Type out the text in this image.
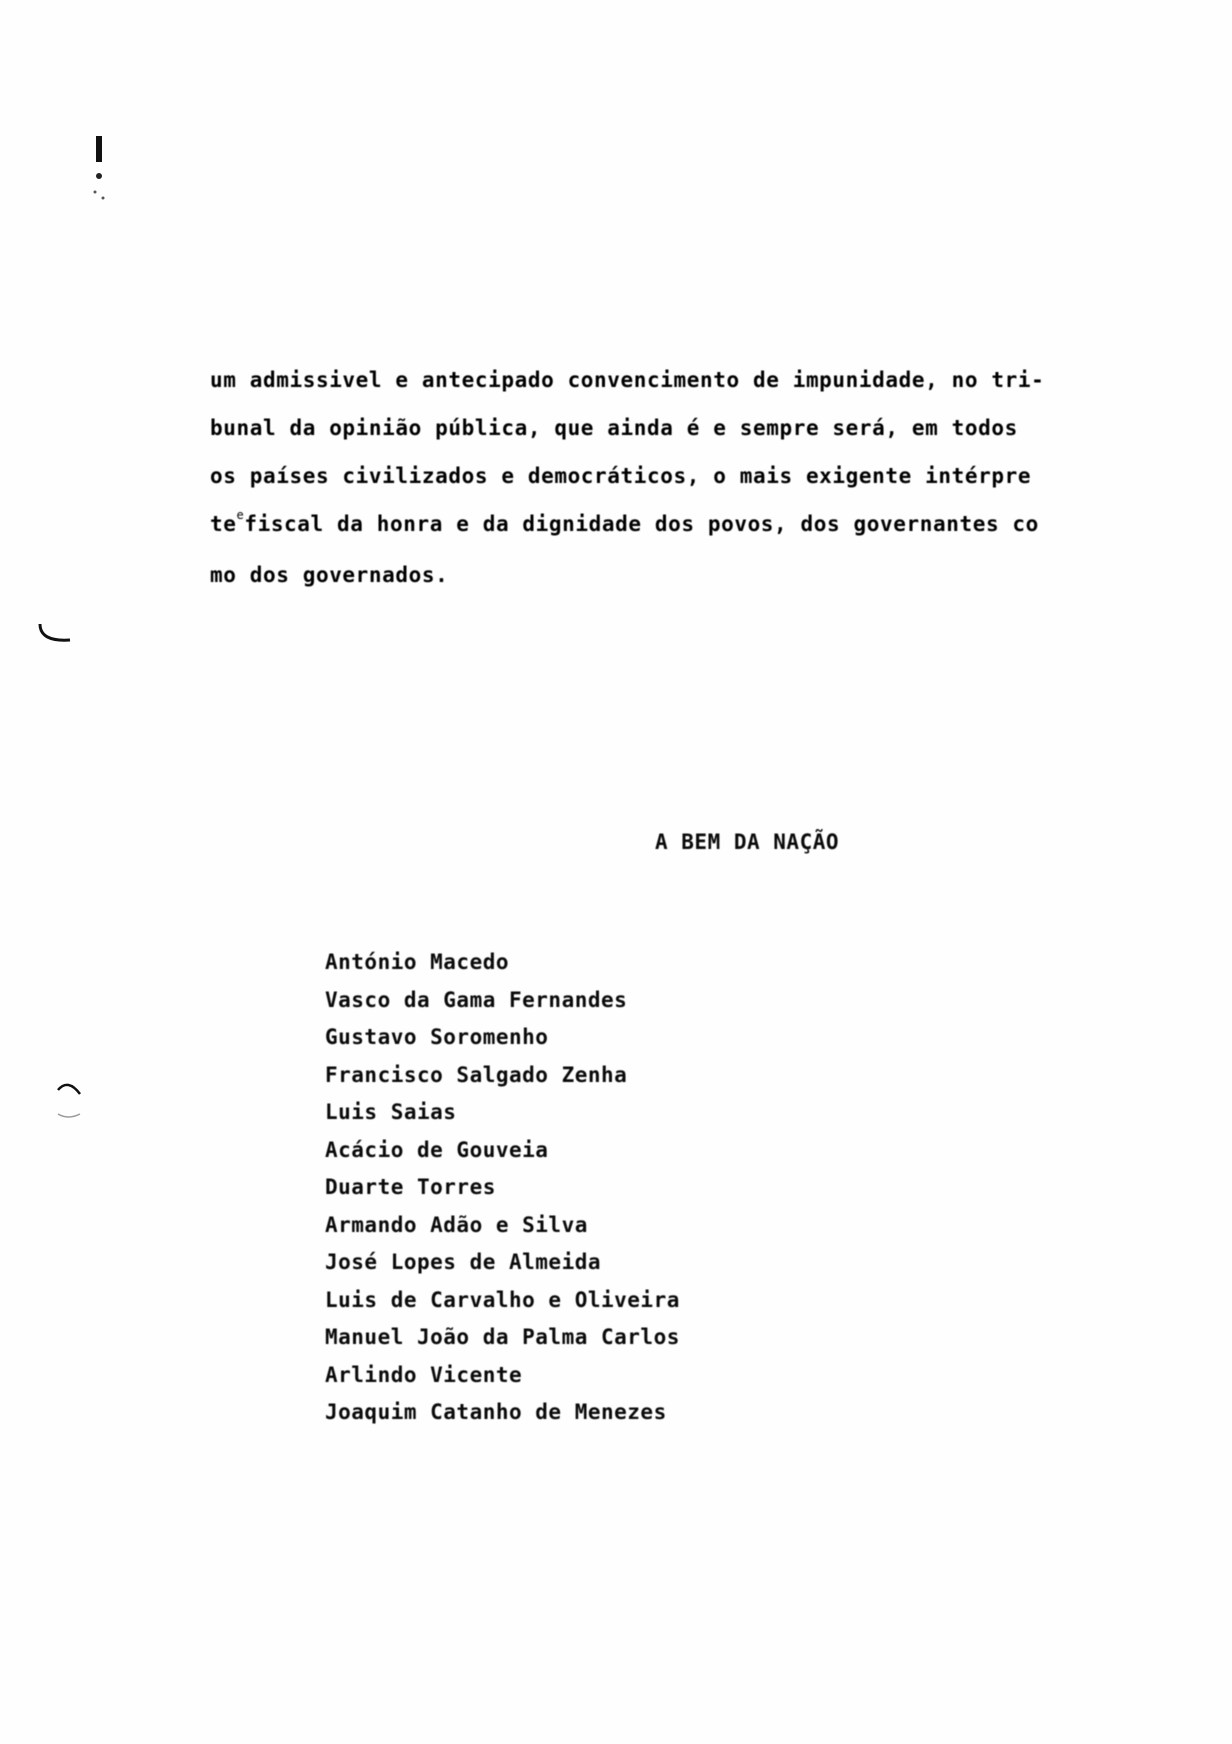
um admissivel e antecipado convencimento de impunidade, no tri-
bunal da opinião pública, que ainda é e sempre será, em todos
os países civilizados e democráticos, o mais exigente intérpre
$te^efiscal$ da honra e da dignidade dos povos, dos governantes co
mo dos governados.
A BEM DA NAÇÃO
António Macedo
Vasco da Gama Fernandes
Gustavo Soromenho
Francisco Salgado Zenha
Luis Saias
Acácio de Gouveia
Duarte Torres
Armando Adão e Silva
José Lopes de Almeida
Luis de Carvalho e Oliveira
Manuel João da Palma Carlos
Arlindo Vicente
Joaquim Catanho de Menezes
